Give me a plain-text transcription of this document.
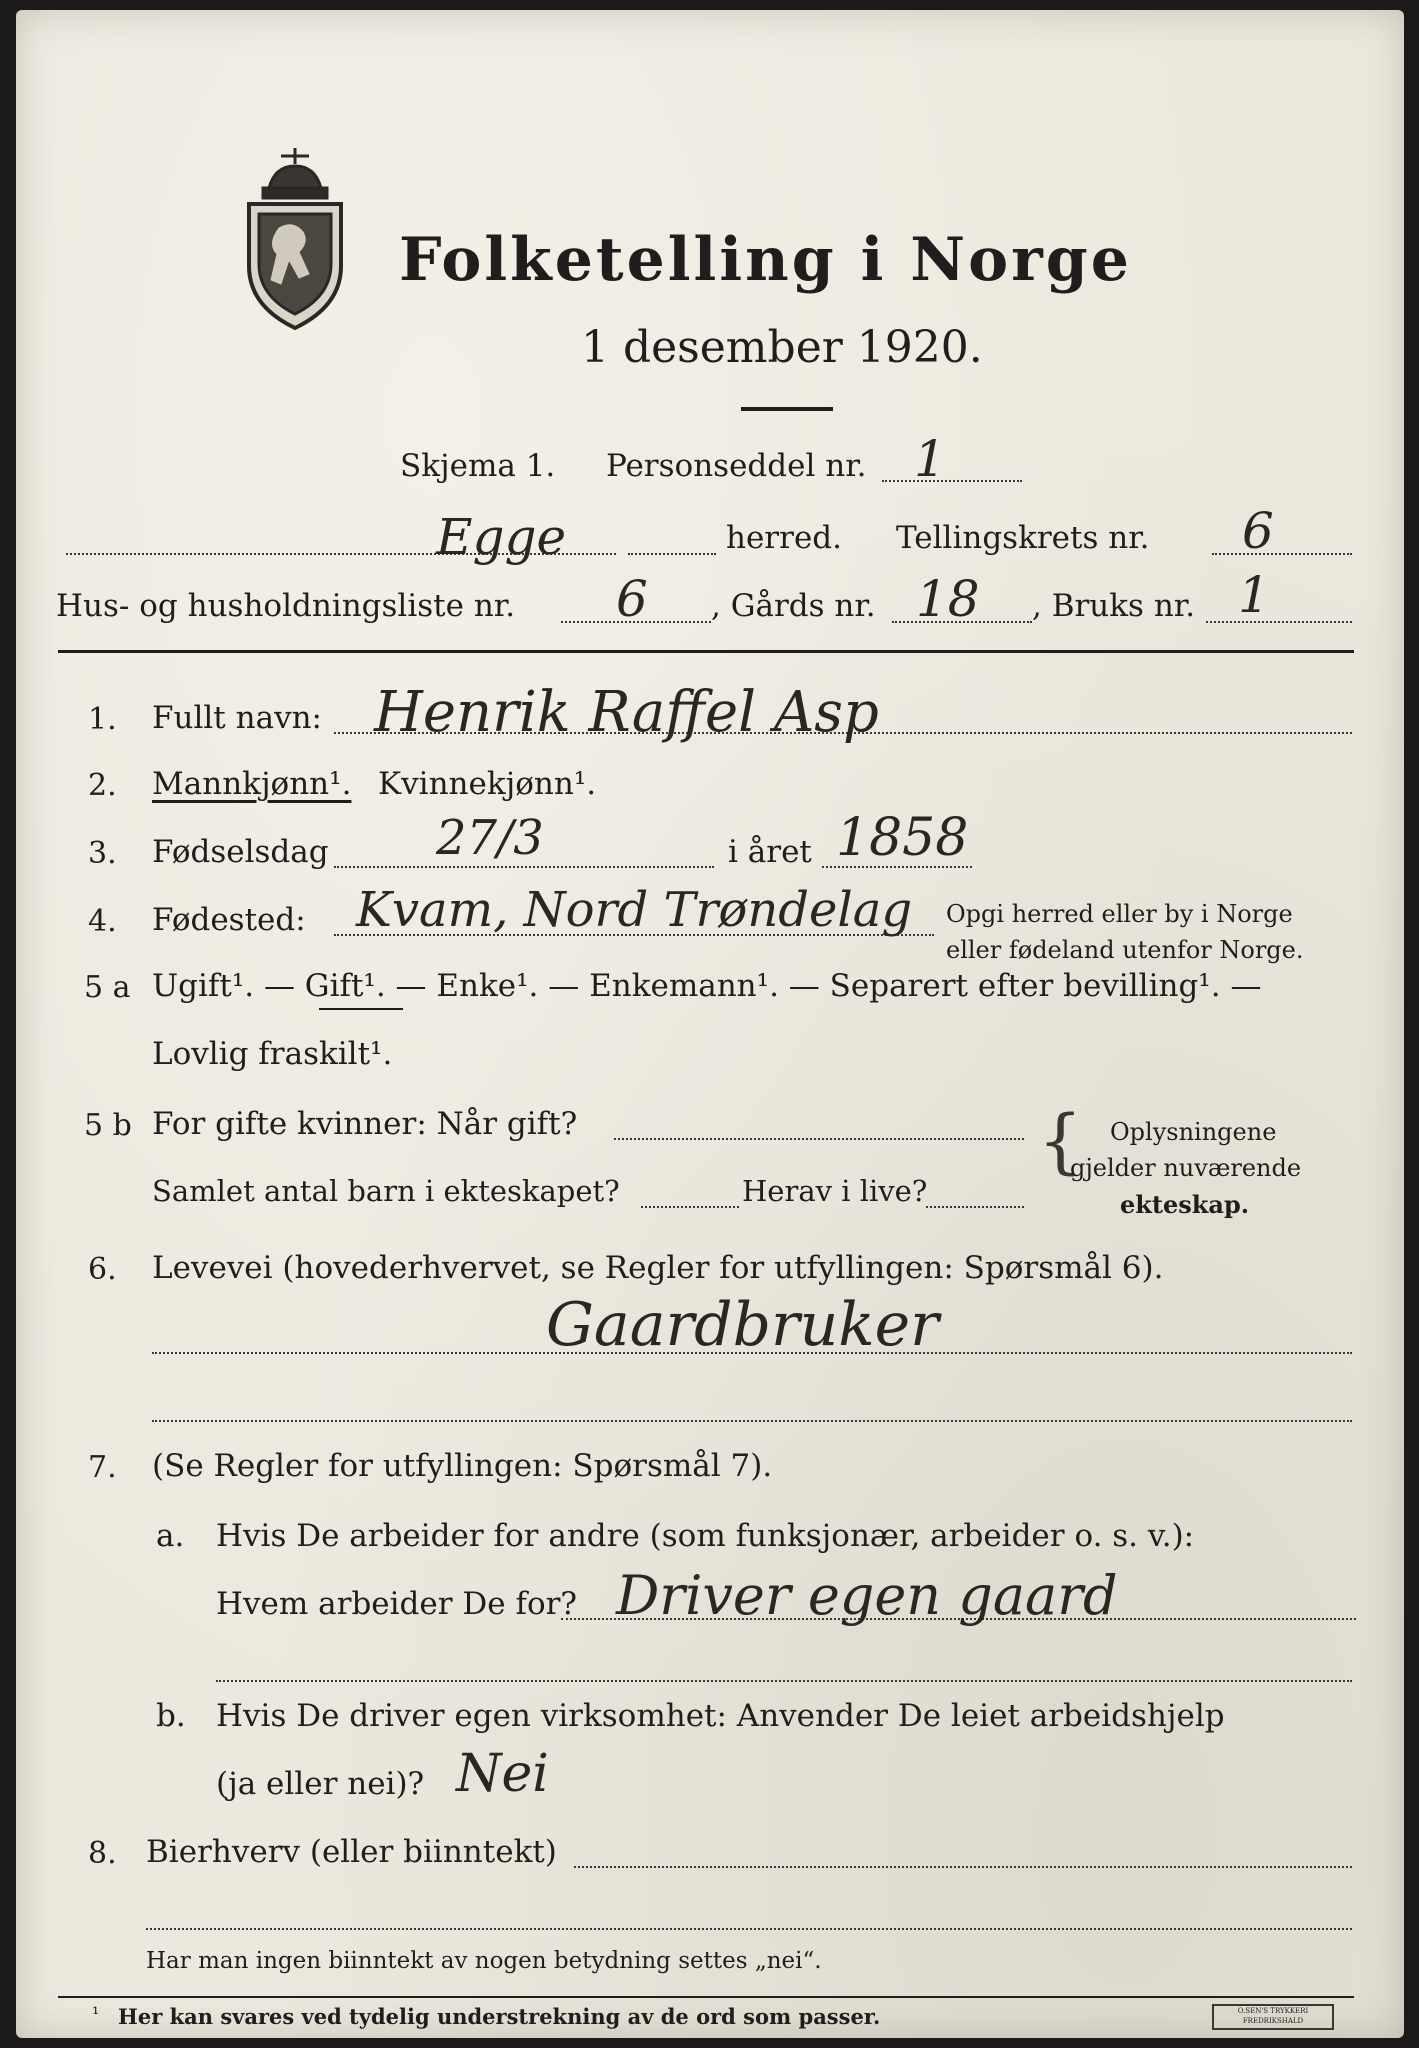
Folketelling i Norge
1 desember 1920.
Skjema 1. Personseddel nr. 1
Egge	herred. Tellingskrets nr. 6
Hus- og husholdningsliste nr. 6 , Gårds nr. 18 , Bruks nr. 1
1. Fullt navn: Henrik Raffel Asp
2. Mannkjønn¹. Kvinnekjønn¹.
3. Fødselsdag 27/3	i året 1858
4. Fødested: Kvam, Nord Trøndelag Opgi herred eller by i Norge
eller fødeland utenfor Norge.
5 a Ugift¹. — Gift¹. — Enke¹. — Enkemann¹. — Separert efter bevilling¹. —
Lovlig fraskilt¹.
5 b For gifte kvinner: Når gift?
Samlet antal barn i ekteskapet?	Herav i live?
{ Oplysningene
gjelder nuværende
ekteskap.
6. Levevei (hovederhvervet, se Regler for utfyllingen: Spørsmål 6).
Gaardbruker
7. (Se Regler for utfyllingen: Spørsmål 7).
a. Hvis De arbeider for andre (som funksjonær, arbeider o. s. v.):
Hvem arbeider De for? Driver egen gaard
b. Hvis De driver egen virksomhet: Anvender De leiet arbeidshjelp
(ja eller nei)? Nei
8. Bierhverv (eller biinntekt)
Har man ingen biinntekt av nogen betydning settes „nei“.
¹ Her kan svares ved tydelig understrekning av de ord som passer.	O.SEN'S TRYKKERI FREDRIKSHALD
